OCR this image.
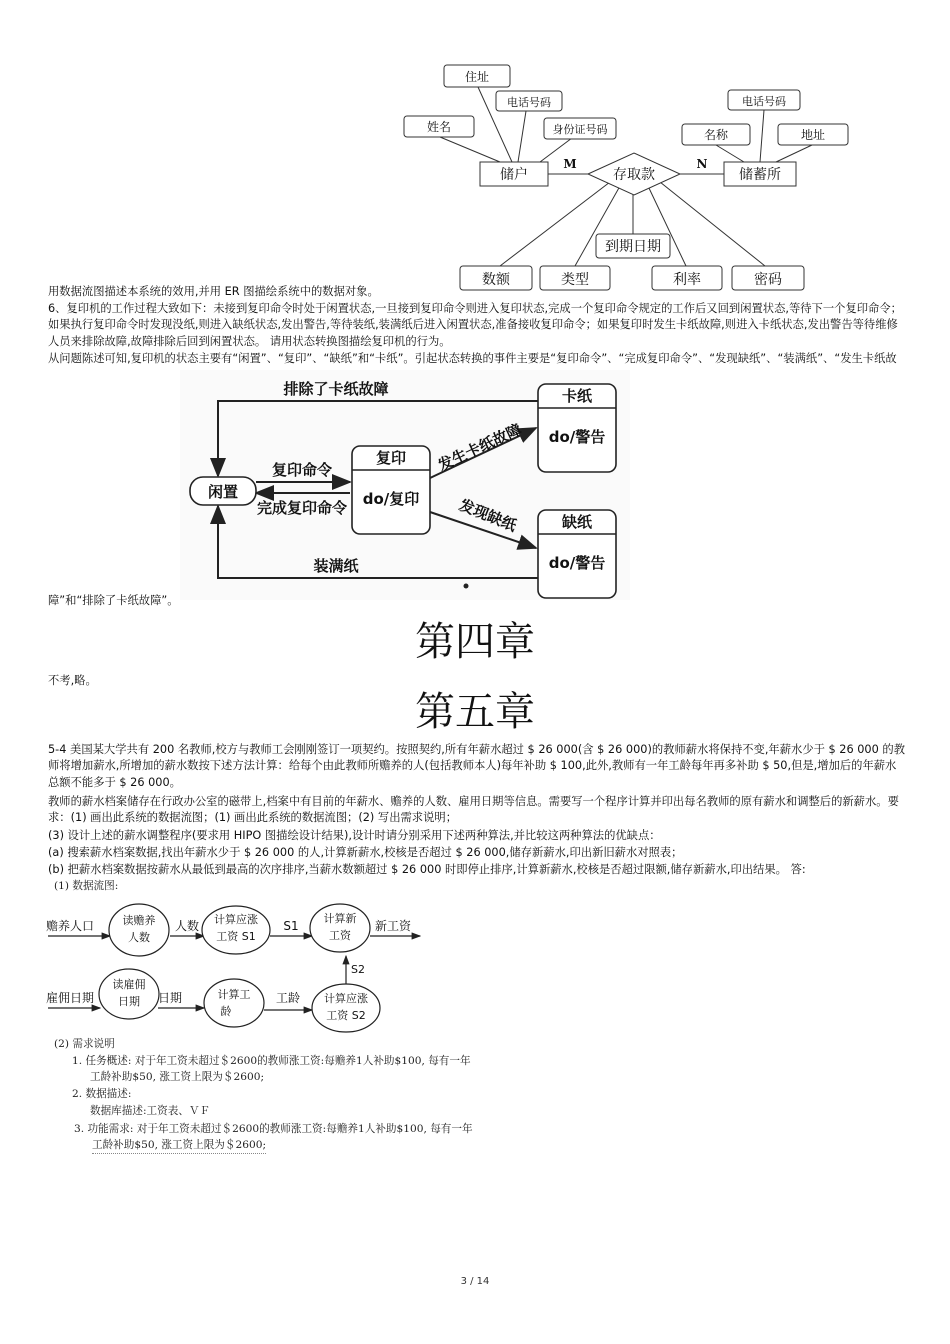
住址
电话号码
姓名	身份证号码
储户	存取款	储蓄所
M	N
电话号码
名称	地址
到期日期
数额	类型	利率	密码

用数据流图描述本系统的效用,并用 ER 图描绘系统中的数据对象。

6、复印机的工作过程大致如下：未接到复印命令时处于闲置状态,一旦接到复印命令则进入复印状态,完成一个复印命令规定的工作后又回到闲置状态,等待下一个复印命令；如果执行复印命令时发现没纸,则进入缺纸状态,发出警告,等待装纸,装满纸后进入闲置状态,准备接收复印命令；如果复印时发生卡纸故障,则进入卡纸状态,发出警告等待维修人员来排除故障,故障排除后回到闲置状态。 请用状态转换图描绘复印机的行为。

从问题陈述可知,复印机的状态主要有“闲置”、“复印”、“缺纸”和“卡纸”。引起状态转换的事件主要是“复印命令”、“完成复印命令”、“发现缺纸”、“装满纸”、“发生卡纸故

闲置
复印
do/复印
卡纸
do/警告
缺纸
do/警告
排除了卡纸故障
复印命令
完成复印命令
发生卡纸故障
发现缺纸
装满纸

障”和“排除了卡纸故障”。

第四章

不考,略。

第五章

5-4 美国某大学共有 200 名教师,校方与教师工会刚刚签订一项契约。按照契约,所有年薪水超过 $ 26 000(含 $ 26 000)的教师薪水将保持不变,年薪水少于 $ 26 000 的教师将增加薪水,所增加的薪水数按下述方法计算：给每个由此教师所赡养的人(包括教师本人)每年补助 $ 100,此外,教师有一年工龄每年再多补助 $ 50,但是,增加后的年薪水总额不能多于 $ 26 000。

教师的薪水档案储存在行政办公室的磁带上,档案中有目前的年薪水、赡养的人数、雇用日期等信息。需要写一个程序计算并印出每名教师的原有薪水和调整后的新薪水。要求：(1) 画出此系统的数据流图；(1) 画出此系统的数据流图；(2) 写出需求说明；

(3) 设计上述的薪水调整程序(要求用 HIPO 图描绘设计结果),设计时请分别采用下述两种算法,并比较这两种算法的优缺点：

(a) 搜索薪水档案数据,找出年薪水少于 $ 26 000 的人,计算新薪水,校核是否超过 $ 26 000,储存新薪水,印出新旧薪水对照表；

(b) 把薪水档案数据按薪水从最低到最高的次序排序,当薪水数额超过 $ 26 000 时即停止排序,计算新薪水,校核是否超过限额,储存新薪水,印出结果。 答:

(1) 数据流图:
赡养人口	读赡养
人数
人数 计算应涨
工资 S1
S1
计算新
工资
新工资
S2
雇佣日期
读雇佣
日期 日期	计算工
龄
工龄 计算应涨
工资 S2
(2) 需求说明
1. 任务概述: 对于年工资未超过＄2600的教师涨工资:每赡养1人补助$100, 每有一年
工龄补助$50, 涨工资上限为＄2600;
2. 数据描述:
数据库描述:工资表、ＶＦ
3. 功能需求: 对于年工资未超过＄2600的教师涨工资:每赡养1人补助$100, 每有一年
工龄补助$50, 涨工资上限为＄2600;
3 / 14
